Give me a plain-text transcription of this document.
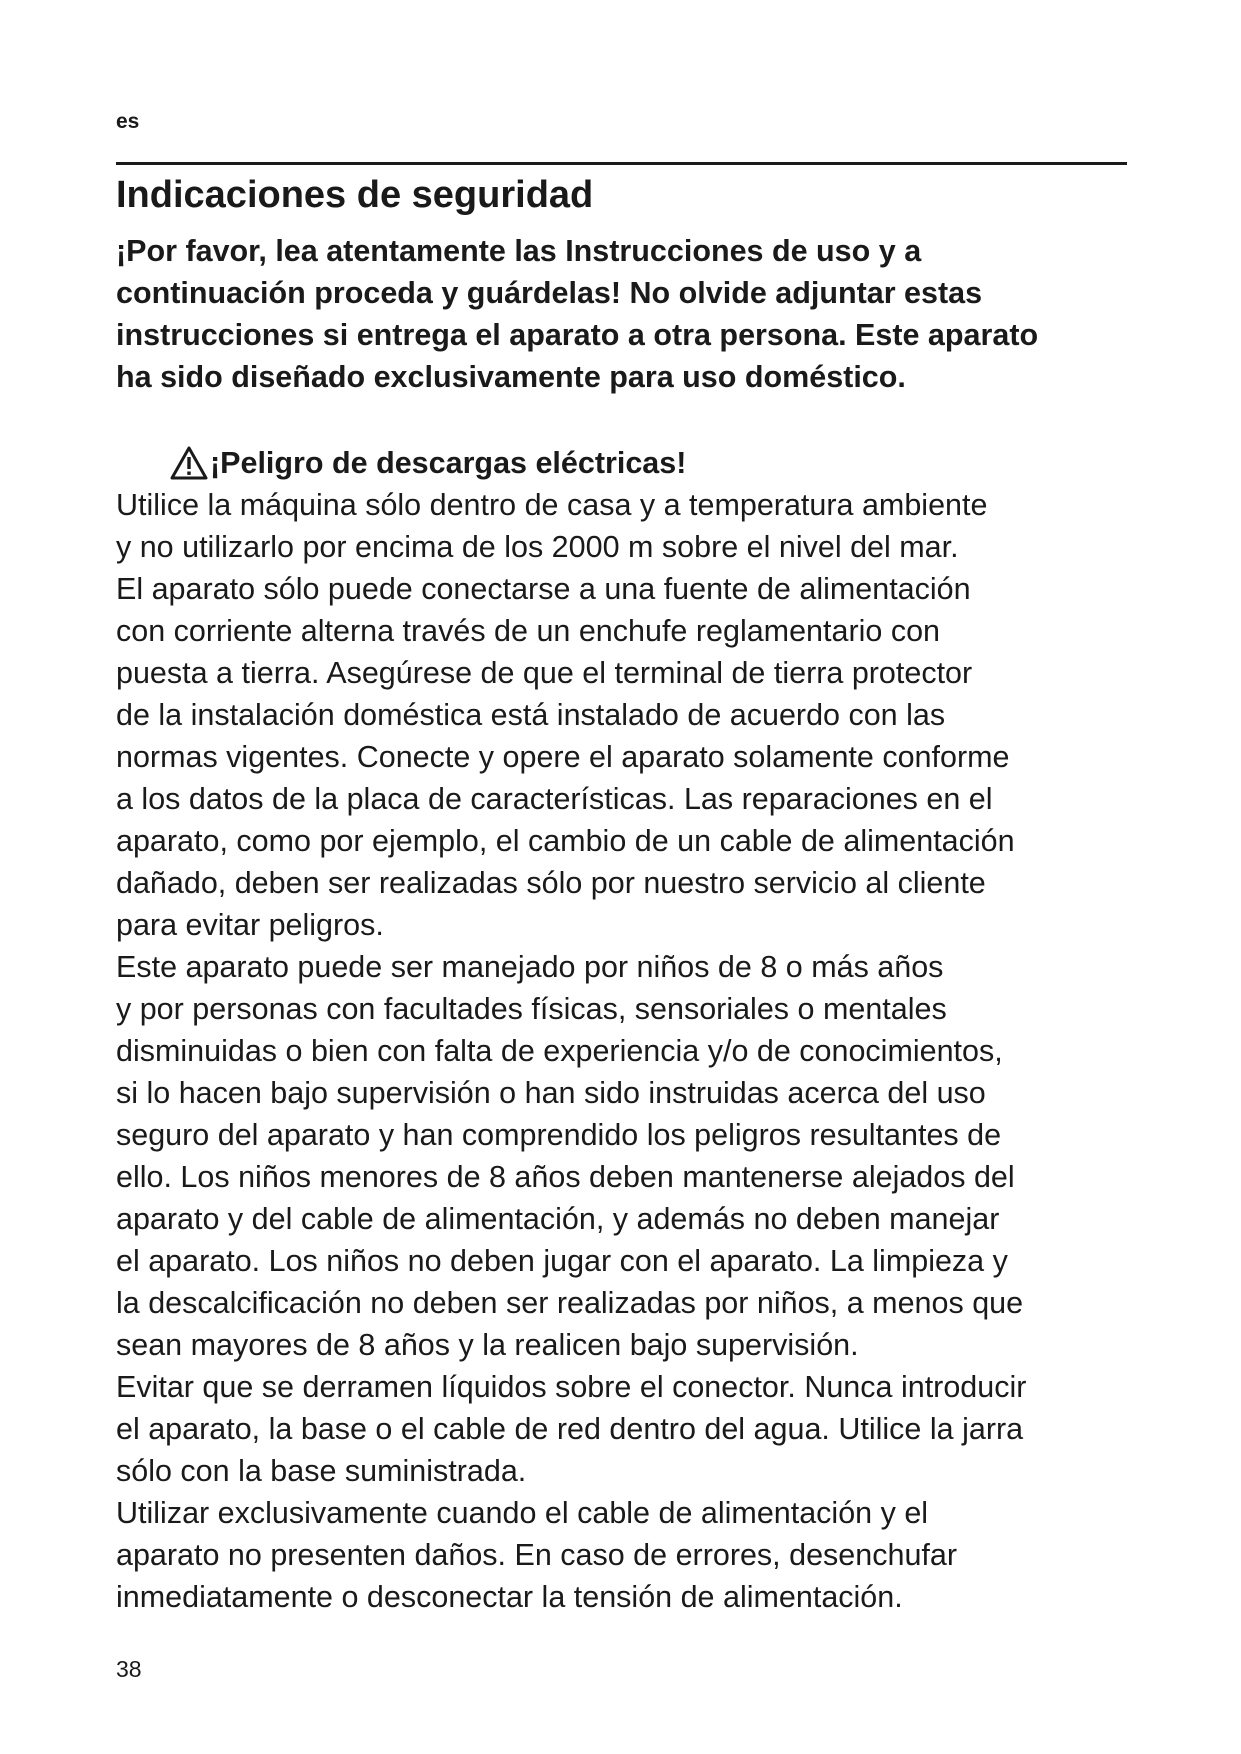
es
Indicaciones de seguridad

¡Por favor, lea atentamente las Instrucciones de uso y a
continuación proceda y guárdelas! No olvide adjuntar estas
instrucciones si entrega el aparato a otra persona. Este aparato
ha sido diseñado exclusivamente para uso doméstico.

¡Peligro de descargas eléctricas!

Utilice la máquina sólo dentro de casa y a temperatura ambiente
y no utilizarlo por encima de los 2000 m sobre el nivel del mar.
El aparato sólo puede conectarse a una fuente de alimentación
con corriente alterna través de un enchufe reglamentario con
puesta a tierra. Asegúrese de que el terminal de tierra protector
de la instalación doméstica está instalado de acuerdo con las
normas vigentes. Conecte y opere el aparato solamente conforme
a los datos de la placa de características. Las reparaciones en el
aparato, como por ejemplo, el cambio de un cable de alimentación
dañado, deben ser realizadas sólo por nuestro servicio al cliente
para evitar peligros.
Este aparato puede ser manejado por niños de 8 o más años
y por personas con facultades físicas, sensoriales o mentales
disminuidas o bien con falta de experiencia y/o de conocimientos,
si lo hacen bajo supervisión o han sido instruidas acerca del uso
seguro del aparato y han comprendido los peligros resultantes de
ello. Los niños menores de 8 años deben mantenerse alejados del
aparato y del cable de alimentación, y además no deben manejar
el aparato. Los niños no deben jugar con el aparato. La limpieza y
la descalcificación no deben ser realizadas por niños, a menos que
sean mayores de 8 años y la realicen bajo supervisión.
Evitar que se derramen líquidos sobre el conector. Nunca introducir
el aparato, la base o el cable de red dentro del agua. Utilice la jarra
sólo con la base suministrada.
Utilizar exclusivamente cuando el cable de alimentación y el
aparato no presenten daños. En caso de errores, desenchufar
inmediatamente o desconectar la tensión de alimentación.

38
